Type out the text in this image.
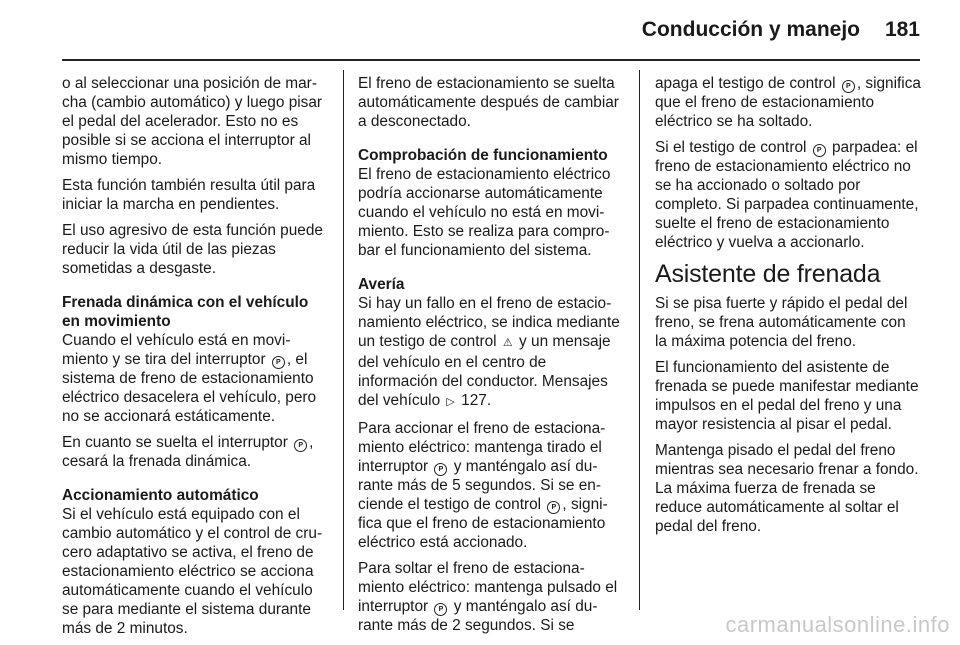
Conducción y manejo	181

o al seleccionar una posición de marcha (cambio automático) y luego pisar el pedal del acelerador. Esto no es posible si se acciona el interruptor al mismo tiempo.

Esta función también resulta útil para iniciar la marcha en pendientes.

El uso agresivo de esta función puede reducir la vida útil de las piezas sometidas a desgaste.

Frenada dinámica con el vehículo en movimiento

Cuando el vehículo está en movimiento y se tira del interruptor P , el sistema de freno de estacionamiento eléctrico desacelera el vehículo, pero no se accionará estáticamente.

En cuanto se suelta el interruptor P , cesará la frenada dinámica.

Accionamiento automático

Si el vehículo está equipado con el cambio automático y el control de crucero adaptativo se activa, el freno de estacionamiento eléctrico se acciona automáticamente cuando el vehículo se para mediante el sistema durante más de 2 minutos.

El freno de estacionamiento se suelta automáticamente después de cambiar a desconectado.

Comprobación de funcionamiento

El freno de estacionamiento eléctrico podría accionarse automáticamente cuando el vehículo no está en movimiento. Esto se realiza para comprobar el funcionamiento del sistema.

Avería

Si hay un fallo en el freno de estacionamiento eléctrico, se indica mediante un testigo de control ⚠ y un mensaje del vehículo en el centro de información del conductor. Mensajes del vehículo ▷ 127.

Para accionar el freno de estacionamiento eléctrico: mantenga tirado el interruptor P y manténgalo así durante más de 5 segundos. Si se enciende el testigo de control P , significa que el freno de estacionamiento eléctrico está accionado.

Para soltar el freno de estacionamiento eléctrico: mantenga pulsado el interruptor P y manténgalo así durante más de 2 segundos. Si se

apaga el testigo de control P , significa que el freno de estacionamiento eléctrico se ha soltado.

Si el testigo de control P parpadea: el freno de estacionamiento eléctrico no se ha accionado o soltado por completo. Si parpadea continuamente, suelte el freno de estacionamiento eléctrico y vuelva a accionarlo.

Asistente de frenada

Si se pisa fuerte y rápido el pedal del freno, se frena automáticamente con la máxima potencia del freno.

El funcionamiento del asistente de frenada se puede manifestar mediante impulsos en el pedal del freno y una mayor resistencia al pisar el pedal.

Mantenga pisado el pedal del freno mientras sea necesario frenar a fondo. La máxima fuerza de frenada se reduce automáticamente al soltar el pedal del freno.

carmanualsonline.info
